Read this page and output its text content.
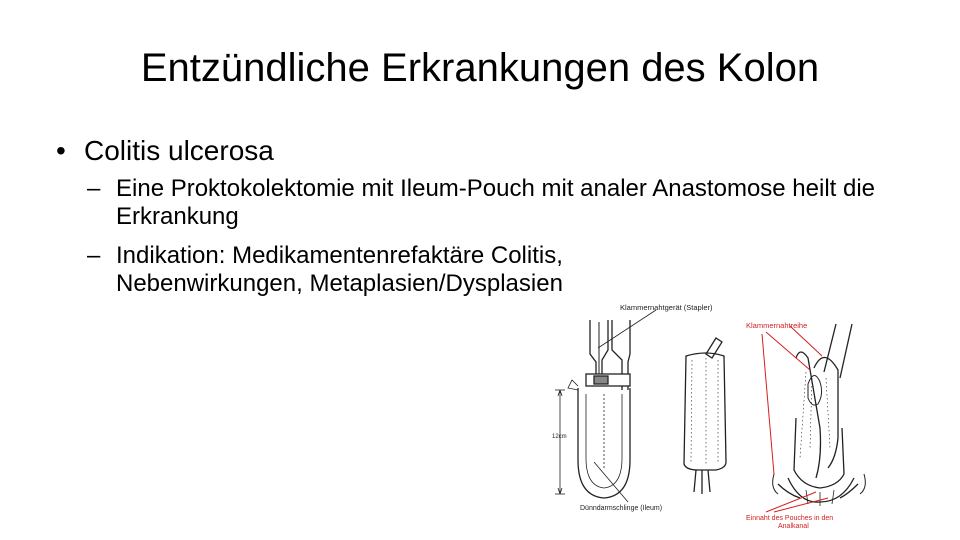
Entzündliche Erkrankungen des Kolon
• Colitis ulcerosa
– Eine Proktokolektomie mit Ileum-Pouch mit analer Anastomose heilt die Erkrankung
– Indikation: Medikamentenrefaktäre Colitis, Nebenwirkungen, Metaplasien/Dysplasien
12cm
Klammernahtgerät (Stapler)
Dünndarmschlinge (Ileum)
Klammernahtreihe
Einnaht des Pouches in den
Analkanal
